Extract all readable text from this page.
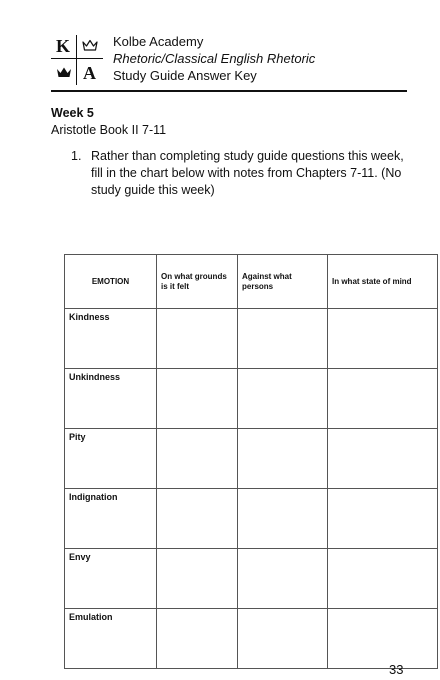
K
A
Kolbe Academy
Rhetoric/Classical English Rhetoric
Study Guide Answer Key
Week 5
Aristotle Book II 7-11
1. Rather than completing study guide questions this week, fill in the chart below with notes from Chapters 7-11. (No study guide this week)
EMOTION	On what grounds is it felt	Against what persons	In what state of mind
Kindness			
Unkindness			
Pity			
Indignation			
Envy			
Emulation			
33
